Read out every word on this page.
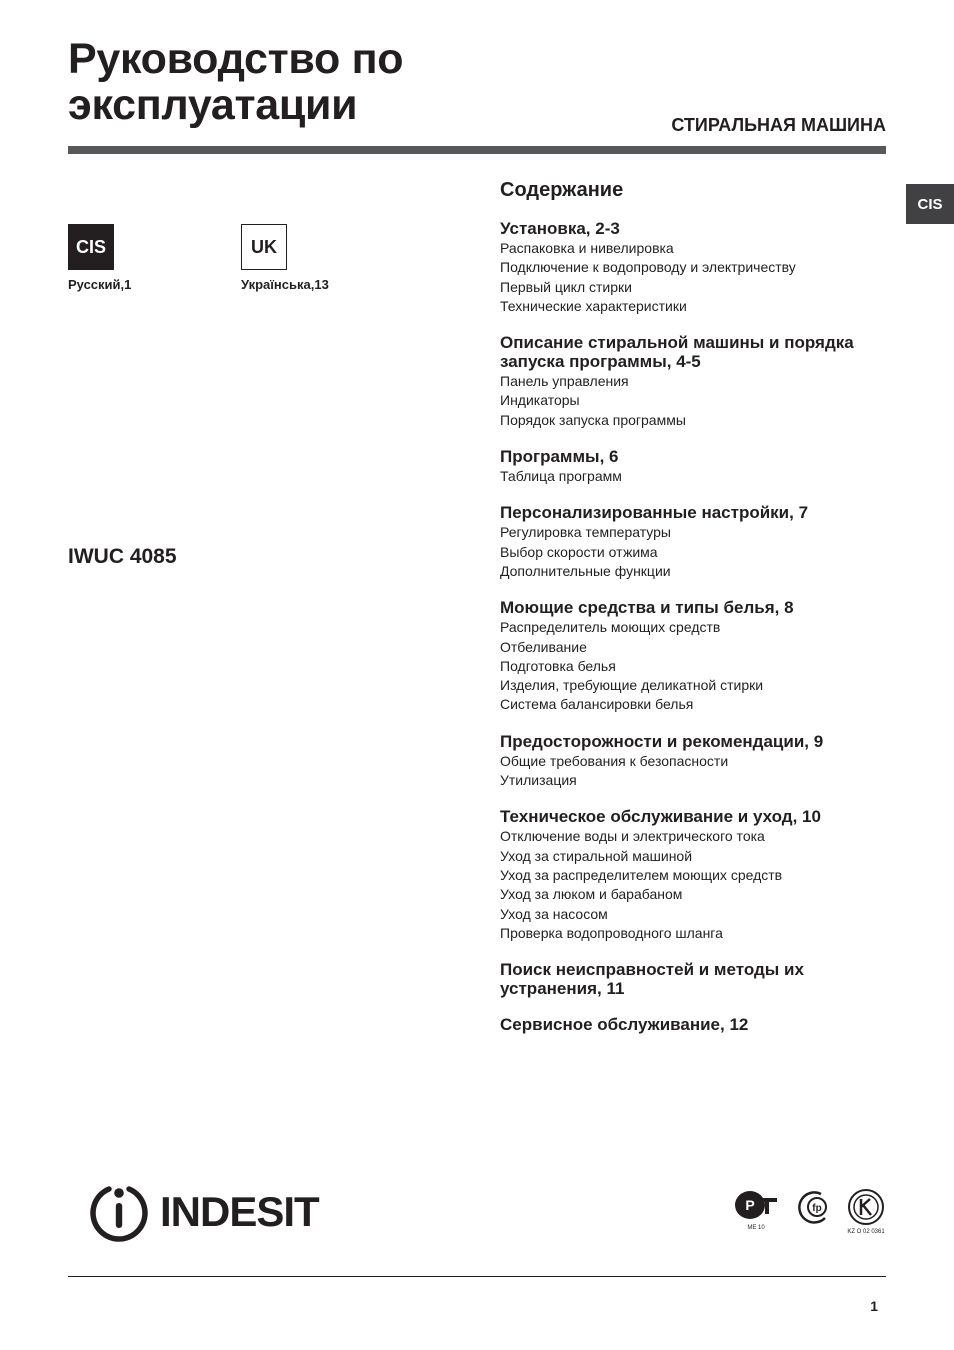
Руководство по
эксплуатации	СТИРАЛЬНАЯ МАШИНА
CIS
CIS
Русский,1
UK
Українська,13
IWUC 4085
Содержание
Установка, 2-3
Распаковка и нивелировка
Подключение к водопроводу и электричеству
Первый цикл стирки
Технические характеристики
Описание стиральной машины и порядка запуска программы, 4-5
Панель управления
Индикаторы
Порядок запуска программы
Программы, 6
Таблица программ
Персонализированные настройки, 7
Регулировка температуры
Выбор скорости отжима
Дополнительные функции
Моющие средства и типы белья, 8
Распределитель моющих средств
Отбеливание
Подготовка белья
Изделия, требующие деликатной стирки
Система балансировки белья
Предосторожности и рекомендации, 9
Общие требования к безопасности
Утилизация
Техническое обслуживание и уход, 10
Отключение воды и электрического тока
Уход за стиральной машиной
Уход за распределителем моющих средств
Уход за люком и барабаном
Уход за насосом
Проверка водопроводного шланга
Поиск неисправностей и методы их устранения, 11
Сервисное обслуживание, 12
INDESIT	P
ME 10
fp
KZ O 02 0361
1
